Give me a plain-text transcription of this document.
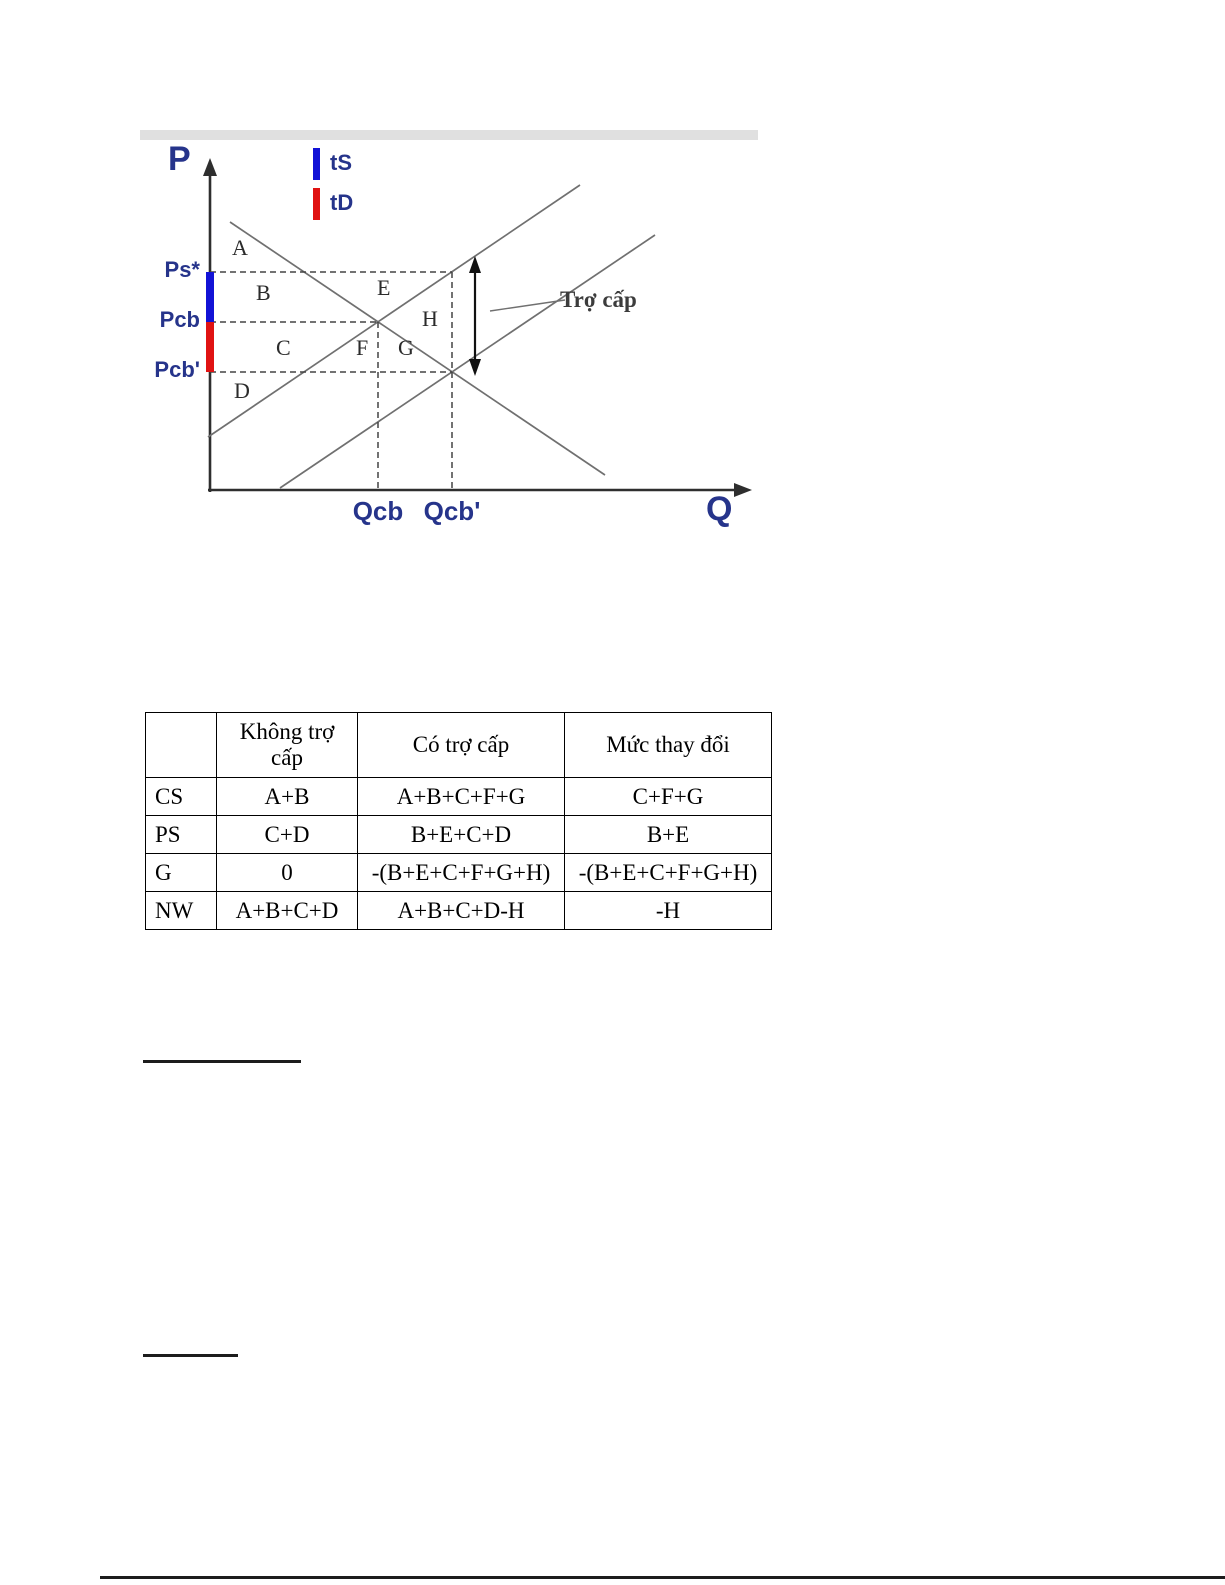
P
Q
tS
tD
Ps*
Pcb
Pcb'
Qcb Qcb'
A
B
C
D
E
F G
H
Trợ cấp
	Không trợ cấp	Có trợ cấp	Mức thay đổi
CS	A+B	A+B+C+F+G	C+F+G
PS	C+D	B+E+C+D	B+E
G	0	-(B+E+C+F+G+H)	-(B+E+C+F+G+H)
NW	A+B+C+D	A+B+C+D-H	-H
